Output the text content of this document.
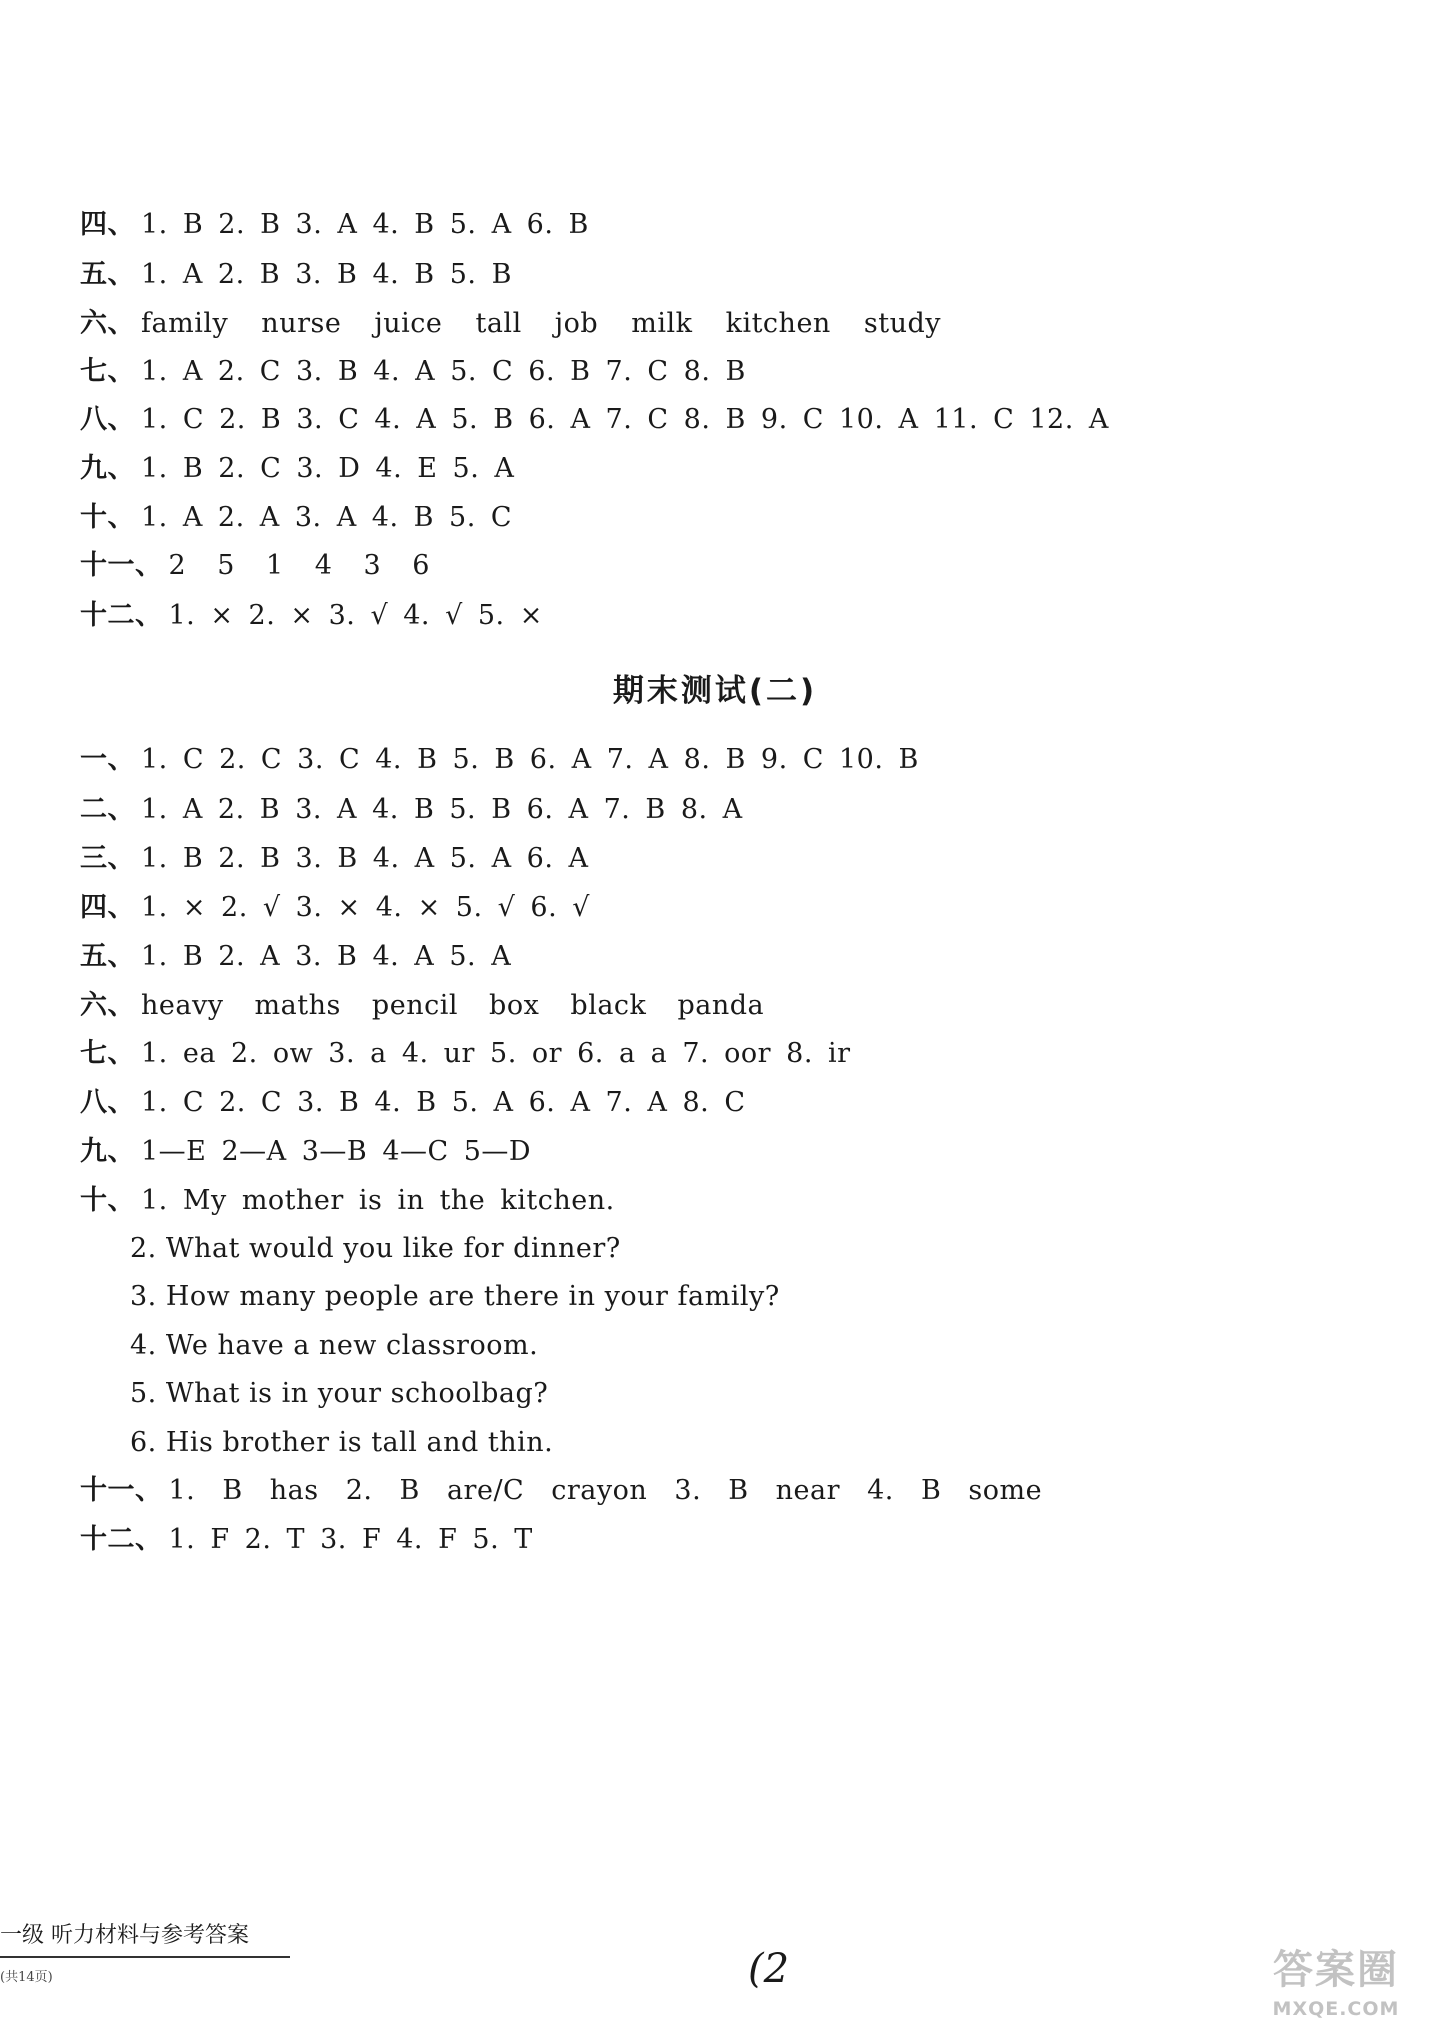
四、 1. B 2. B 3. A 4. B 5. A 6. B
五、 1. A 2. B 3. B 4. B 5. B
六、 family nurse juice tall job milk kitchen study
七、 1. A 2. C 3. B 4. A 5. C 6. B 7. C 8. B
八、 1. C 2. B 3. C 4. A 5. B 6. A 7. C 8. B 9. C 10. A 11. C 12. A
九、 1. B 2. C 3. D 4. E 5. A
十、 1. A 2. A 3. A 4. B 5. C
十一、 2 5 1 4 3 6
十二、 1. × 2. × 3. √ 4. √ 5. ×
期末测试(二)
一、 1. C 2. C 3. C 4. B 5. B 6. A 7. A 8. B 9. C 10. B
二、 1. A 2. B 3. A 4. B 5. B 6. A 7. B 8. A
三、 1. B 2. B 3. B 4. A 5. A 6. A
四、 1. × 2. √ 3. × 4. × 5. √ 6. √
五、 1. B 2. A 3. B 4. A 5. A
六、 heavy maths pencil box black panda
七、 1. ea 2. ow 3. a 4. ur 5. or 6. a a 7. oor 8. ir
八、 1. C 2. C 3. B 4. B 5. A 6. A 7. A 8. C
九、 1—E 2—A 3—B 4—C 5—D
十、 1. My mother is in the kitchen.
2. What would you like for dinner?
3. How many people are there in your family?
4. We have a new classroom.
5. What is in your schoolbag?
6. His brother is tall and thin.
十一、 1. B has 2. B are/C crayon 3. B near 4. B some
十二、 1. F 2. T 3. F 4. F 5. T
一级 听力材料与参考答案
(共14页)	(2	答案圈
MXQE.COM
